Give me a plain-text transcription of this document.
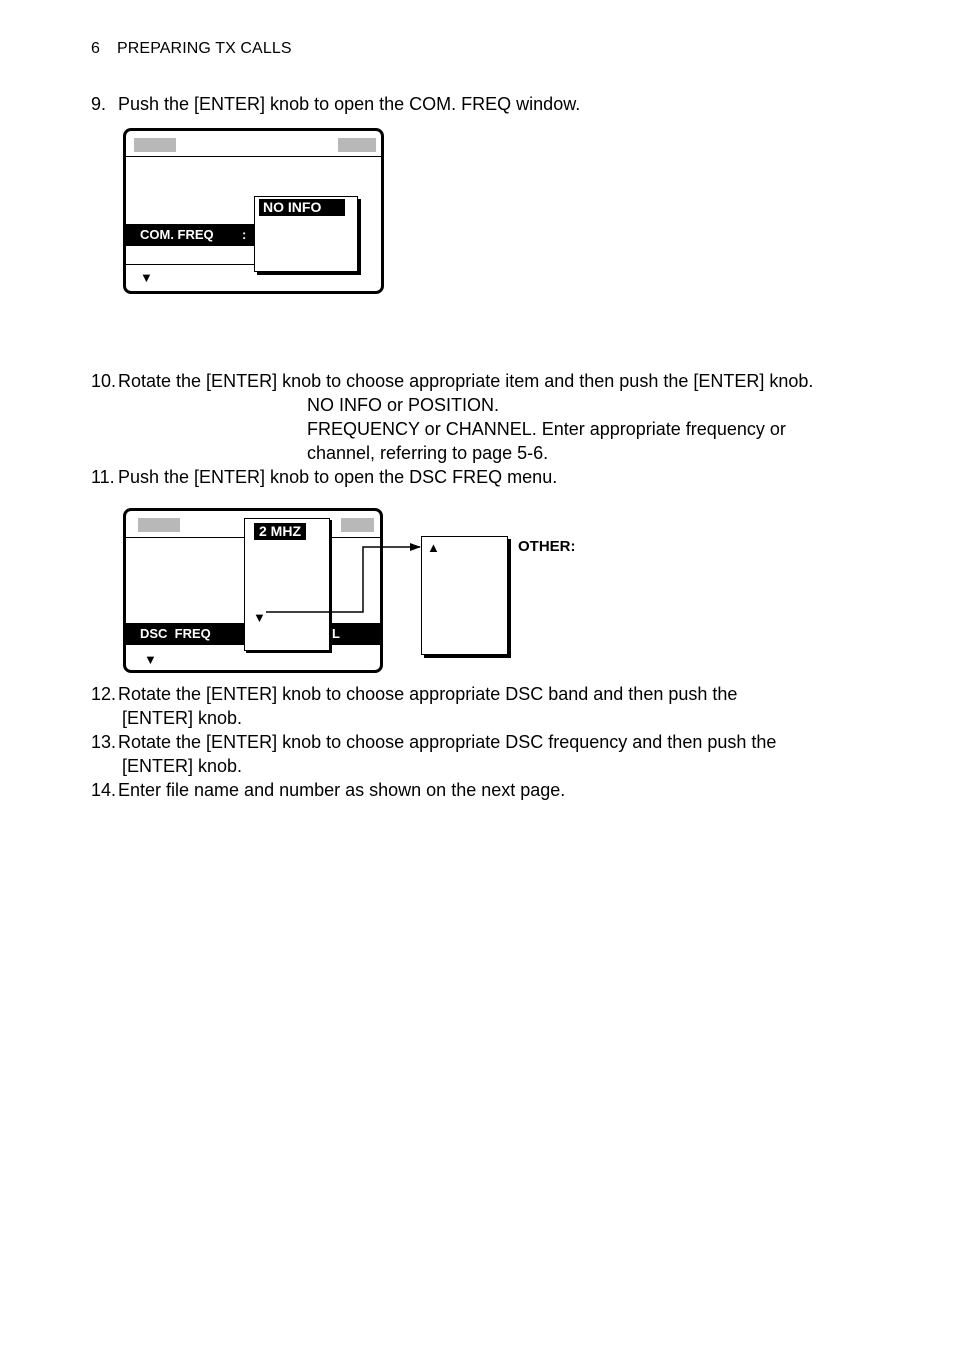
6 PREPARING TX CALLS
9. Push the [ENTER] knob to open the COM. FREQ window.
COM. FREQ :
▼
NO INFO
10. Rotate the [ENTER] knob to choose appropriate item and then push the [ENTER] knob.
NO INFO or POSITION.
FREQUENCY or CHANNEL. Enter appropriate frequency or
channel, referring to page 5-6.
11. Push the [ENTER] knob to open the DSC FREQ menu.
DSC  FREQ	L
▼
2 MHZ
▼
▲	OTHER:
12. Rotate the [ENTER] knob to choose appropriate DSC band and then push the
[ENTER] knob.
13. Rotate the [ENTER] knob to choose appropriate DSC frequency and then push the
[ENTER] knob.
14. Enter file name and number as shown on the next page.
